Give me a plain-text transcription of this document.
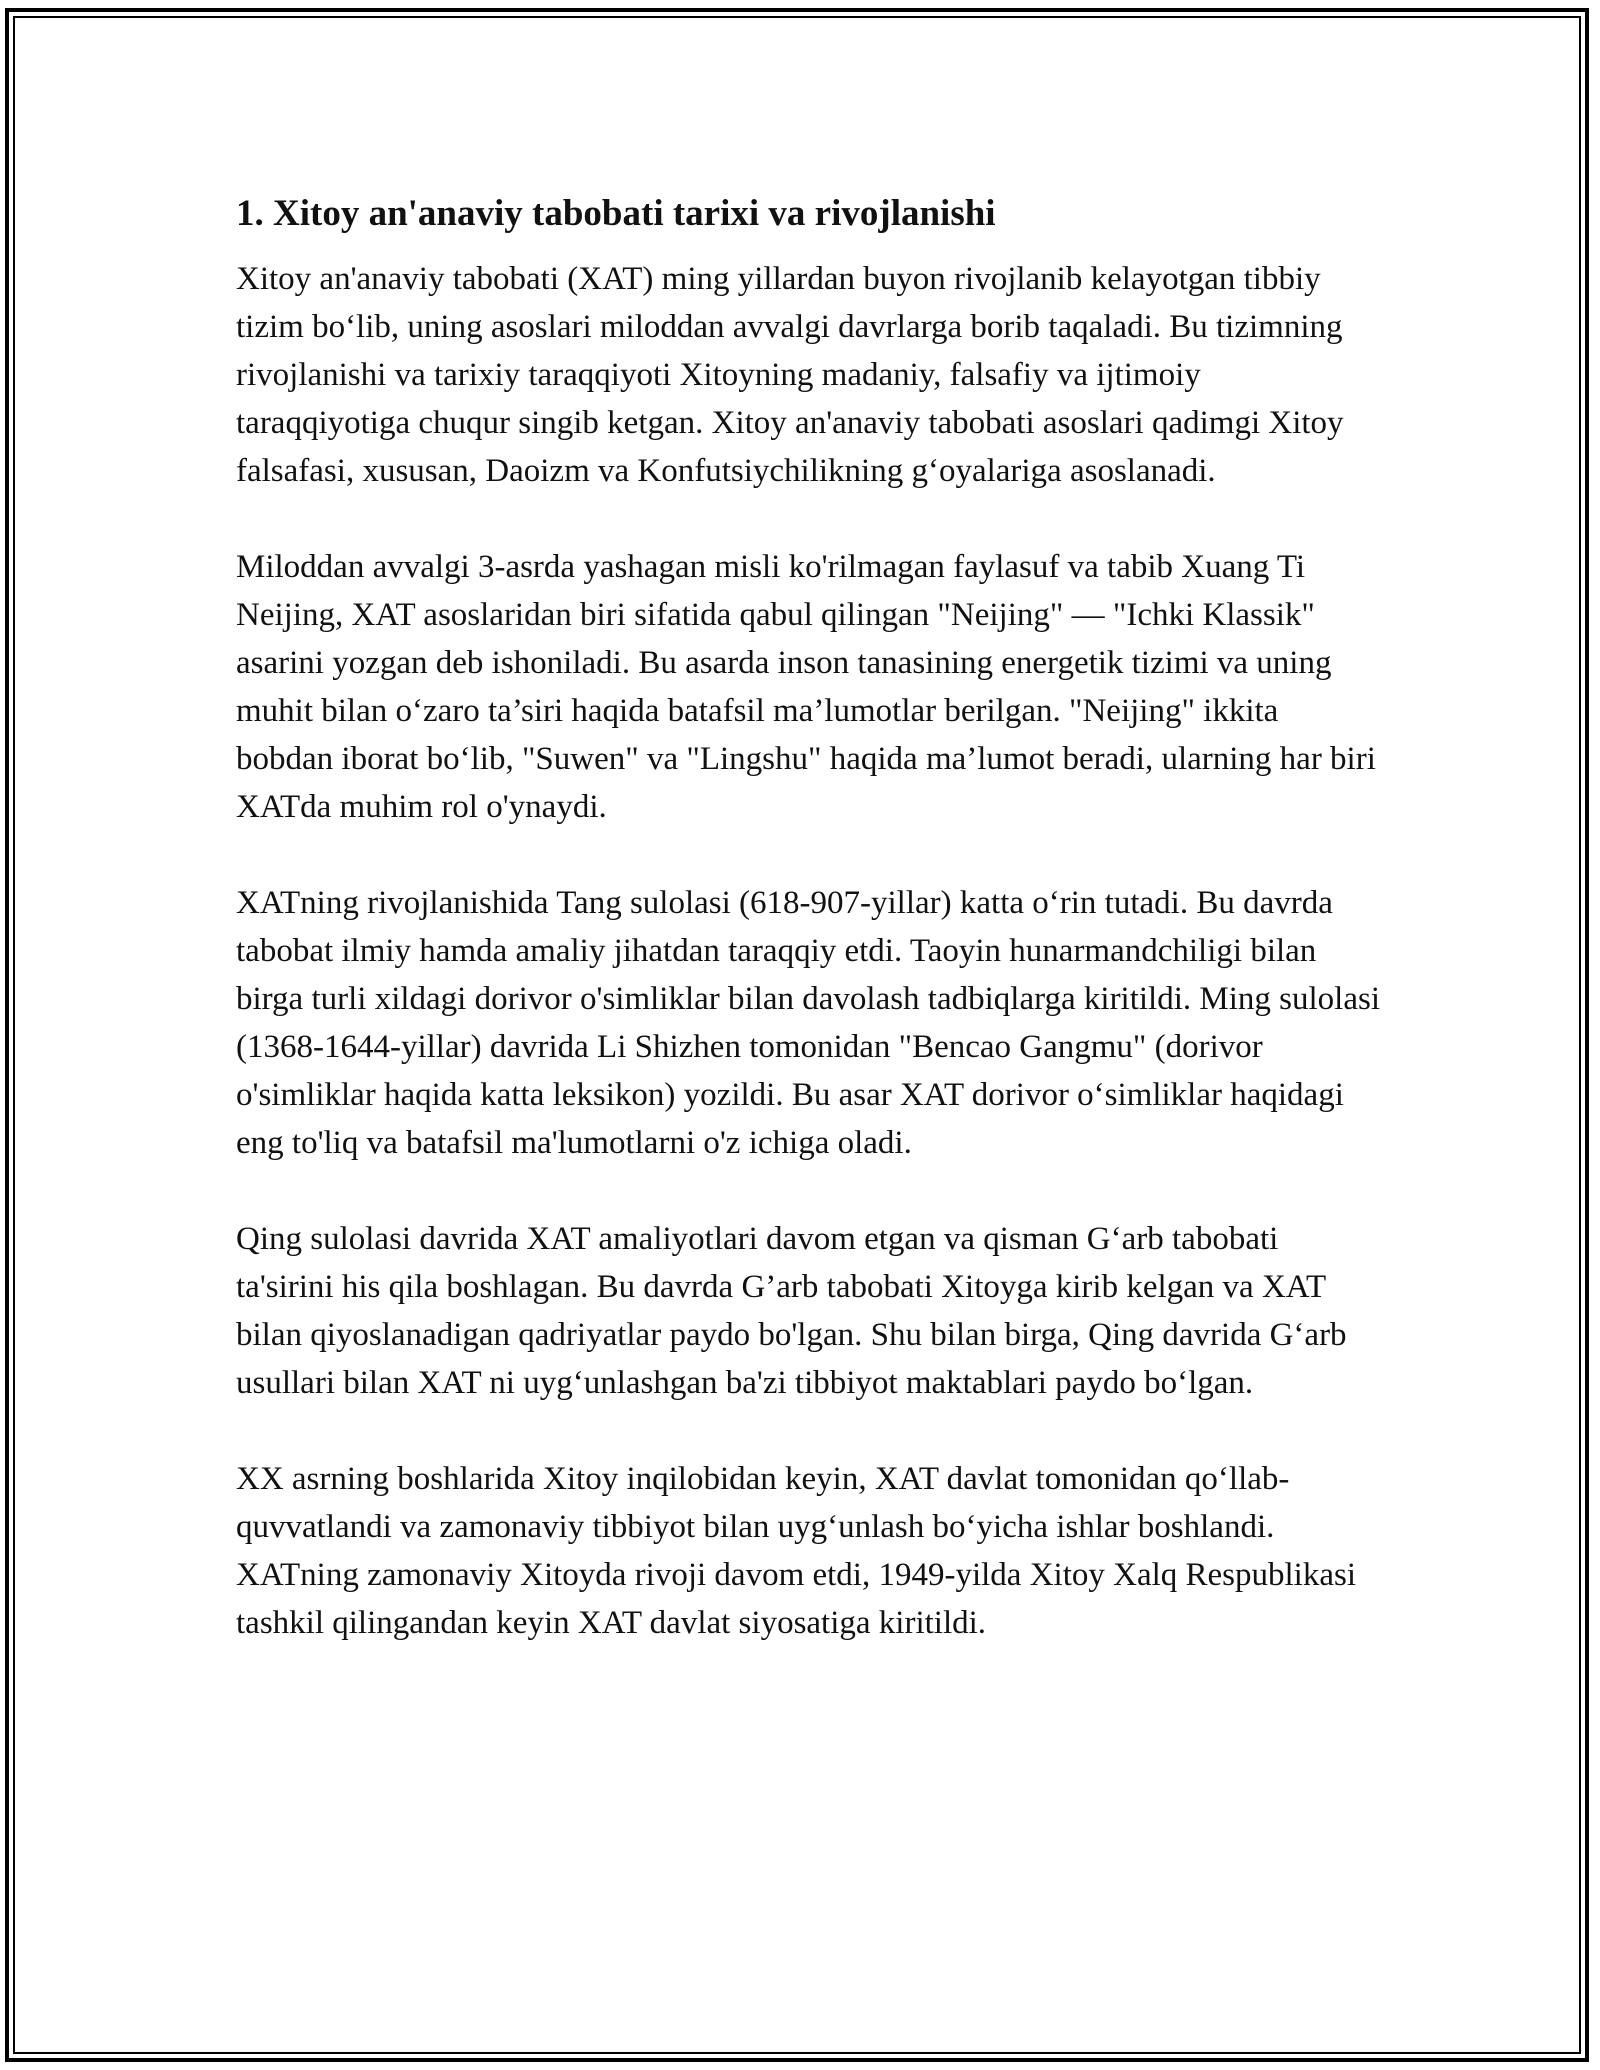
1. Xitoy an'anaviy tabobati tarixi va rivojlanishi

Xitoy an'anaviy tabobati (XAT) ming yillardan buyon rivojlanib kelayotgan tibbiy tizim bo‘lib, uning asoslari miloddan avvalgi davrlarga borib taqaladi. Bu tizimning rivojlanishi va tarixiy taraqqiyoti Xitoyning madaniy, falsafiy va ijtimoiy taraqqiyotiga chuqur singib ketgan. Xitoy an'anaviy tabobati asoslari qadimgi Xitoy falsafasi, xususan, Daoizm va Konfutsiychilikning g‘oyalariga asoslanadi.

Miloddan avvalgi 3-asrda yashagan misli ko'rilmagan faylasuf va tabib Xuang Ti Neijing, XAT asoslaridan biri sifatida qabul qilingan "Neijing" — "Ichki Klassik" asarini yozgan deb ishoniladi. Bu asarda inson tanasining energetik tizimi va uning muhit bilan o‘zaro ta’siri haqida batafsil ma’lumotlar berilgan. "Neijing" ikkita bobdan iborat bo‘lib, "Suwen" va "Lingshu" haqida ma’lumot beradi, ularning har biri XATda muhim rol o'ynaydi.

XATning rivojlanishida Tang sulolasi (618-907-yillar) katta o‘rin tutadi. Bu davrda tabobat ilmiy hamda amaliy jihatdan taraqqiy etdi. Taoyin hunarmandchiligi bilan birga turli xildagi dorivor o'simliklar bilan davolash tadbiqlarga kiritildi. Ming sulolasi (1368-1644-yillar) davrida Li Shizhen tomonidan "Bencao Gangmu" (dorivor o'simliklar haqida katta leksikon) yozildi. Bu asar XAT dorivor o‘simliklar haqidagi eng to'liq va batafsil ma'lumotlarni o'z ichiga oladi.

Qing sulolasi davrida XAT amaliyotlari davom etgan va qisman G‘arb tabobati ta'sirini his qila boshlagan. Bu davrda G’arb tabobati Xitoyga kirib kelgan va XAT bilan qiyoslanadigan qadriyatlar paydo bo'lgan. Shu bilan birga, Qing davrida G‘arb usullari bilan XAT ni uyg‘unlashgan ba'zi tibbiyot maktablari paydo bo‘lgan.

XX asrning boshlarida Xitoy inqilobidan keyin, XAT davlat tomonidan qo‘llab-quvvatlandi va zamonaviy tibbiyot bilan uyg‘unlash bo‘yicha ishlar boshlandi. XATning zamonaviy Xitoyda rivoji davom etdi, 1949-yilda Xitoy Xalq Respublikasi tashkil qilingandan keyin XAT davlat siyosatiga kiritildi.
